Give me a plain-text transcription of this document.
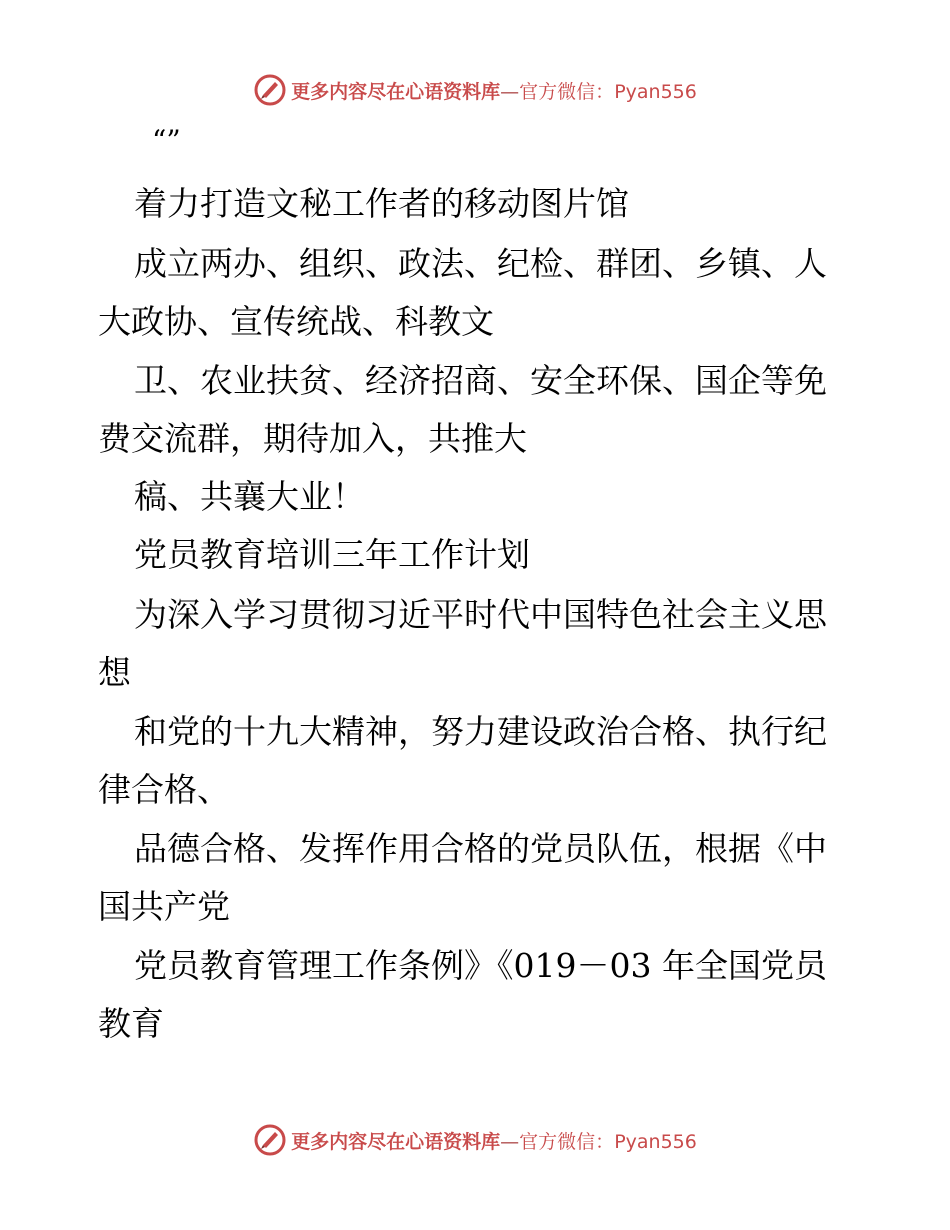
更多内容尽在心语资料库—官方微信：Pyan556
“”
着力打造文秘工作者的移动图片馆
成立两办、组织、政法、纪检、群团、乡镇、人
大政协、宣传统战、科教文
卫、农业扶贫、经济招商、安全环保、国企等免
费交流群，期待加入，共推大
稿、共襄大业！
党员教育培训三年工作计划
为深入学习贯彻习近平时代中国特色社会主义思
想
和党的十九大精神，努力建设政治合格、执行纪
律合格、
品德合格、发挥作用合格的党员队伍，根据《中
国共产党
党员教育管理工作条例》《019－03 年全国党员
教育
更多内容尽在心语资料库—官方微信：Pyan556
